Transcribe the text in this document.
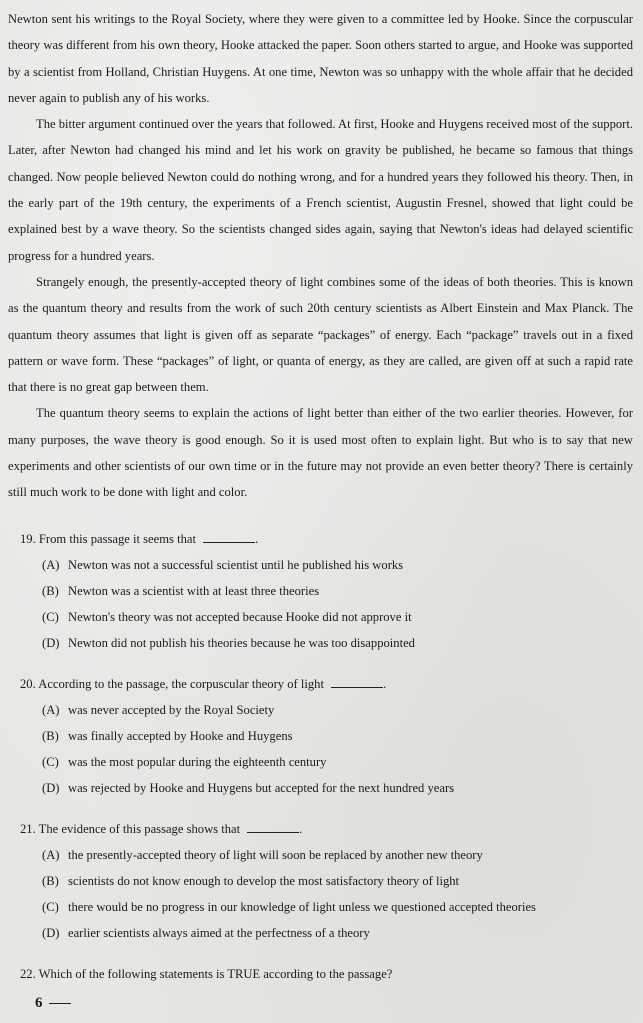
Newton sent his writings to the Royal Society, where they were given to a committee led by Hooke. Since the corpuscular theory was different from his own theory, Hooke attacked the paper. Soon others started to argue, and Hooke was supported by a scientist from Holland, Christian Huygens. At one time, Newton was so unhappy with the whole affair that he decided never again to publish any of his works.

The bitter argument continued over the years that followed. At first, Hooke and Huygens received most of the support. Later, after Newton had changed his mind and let his work on gravity be published, he became so famous that things changed. Now people believed Newton could do nothing wrong, and for a hundred years they followed his theory. Then, in the early part of the 19th century, the experiments of a French scientist, Augustin Fresnel, showed that light could be explained best by a wave theory. So the scientists changed sides again, saying that Newton's ideas had delayed scientific progress for a hundred years.

Strangely enough, the presently-accepted theory of light combines some of the ideas of both theories. This is known as the quantum theory and results from the work of such 20th century scientists as Albert Einstein and Max Planck. The quantum theory assumes that light is given off as separate “packages” of energy. Each “package” travels out in a fixed pattern or wave form. These “packages” of light, or quanta of energy, as they are called, are given off at such a rapid rate that there is no great gap between them.

The quantum theory seems to explain the actions of light better than either of the two earlier theories. However, for many purposes, the wave theory is good enough. So it is used most often to explain light. But who is to say that new experiments and other scientists of our own time or in the future may not provide an even better theory? There is certainly still much work to be done with light and color.

19. From this passage it seems that	.
(A) Newton was not a successful scientist until he published his works
(B) Newton was a scientist with at least three theories
(C) Newton's theory was not accepted because Hooke did not approve it
(D) Newton did not publish his theories because he was too disappointed
20. According to the passage, the corpuscular theory of light	.
(A) was never accepted by the Royal Society
(B) was finally accepted by Hooke and Huygens
(C) was the most popular during the eighteenth century
(D) was rejected by Hooke and Huygens but accepted for the next hundred years
21. The evidence of this passage shows that	.
(A) the presently-accepted theory of light will soon be replaced by another new theory
(B) scientists do not know enough to develop the most satisfactory theory of light
(C) there would be no progress in our knowledge of light unless we questioned accepted theories
(D) earlier scientists always aimed at the perfectness of a theory
22. Which of the following statements is TRUE according to the passage?
6
